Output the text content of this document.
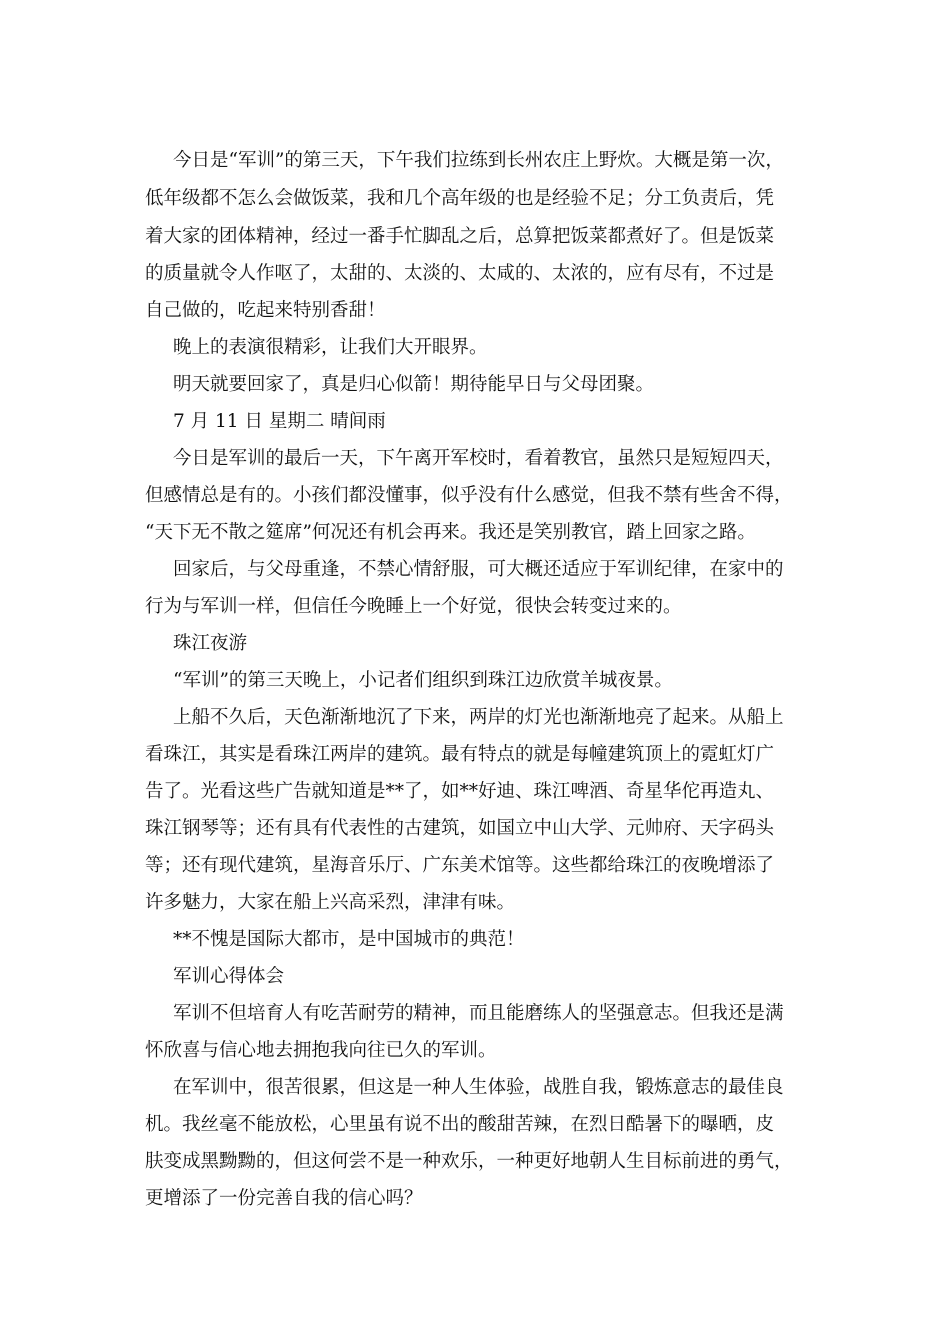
今日是“军训”的第三天，下午我们拉练到长州农庄上野炊。大概是第一次，

低年级都不怎么会做饭菜，我和几个高年级的也是经验不足；分工负责后，凭

着大家的团体精神，经过一番手忙脚乱之后，总算把饭菜都煮好了。但是饭菜

的质量就令人作呕了，太甜的、太淡的、太咸的、太浓的，应有尽有，不过是

自己做的，吃起来特别香甜！

晚上的表演很精彩，让我们大开眼界。

明天就要回家了，真是归心似箭！期待能早日与父母团聚。

7 月 11 日 星期二 晴间雨

今日是军训的最后一天，下午离开军校时，看着教官，虽然只是短短四天，

但感情总是有的。小孩们都没懂事，似乎没有什么感觉，但我不禁有些舍不得，

“天下无不散之筵席”何况还有机会再来。我还是笑别教官，踏上回家之路。

回家后，与父母重逢，不禁心情舒服，可大概还适应于军训纪律，在家中的

行为与军训一样，但信任今晚睡上一个好觉，很快会转变过来的。

珠江夜游

“军训”的第三天晚上，小记者们组织到珠江边欣赏羊城夜景。

上船不久后，天色渐渐地沉了下来，两岸的灯光也渐渐地亮了起来。从船上

看珠江，其实是看珠江两岸的建筑。最有特点的就是每幢建筑顶上的霓虹灯广

告了。光看这些广告就知道是**了，如**好迪、珠江啤酒、奇星华佗再造丸、

珠江钢琴等；还有具有代表性的古建筑，如国立中山大学、元帅府、天字码头

等；还有现代建筑，星海音乐厅、广东美术馆等。这些都给珠江的夜晚增添了

许多魅力，大家在船上兴高采烈，津津有味。

**不愧是国际大都市，是中国城市的典范！

军训心得体会

军训不但培育人有吃苦耐劳的精神，而且能磨练人的坚强意志。但我还是满

怀欣喜与信心地去拥抱我向往已久的军训。

在军训中，很苦很累，但这是一种人生体验，战胜自我，锻炼意志的最佳良

机。我丝毫不能放松，心里虽有说不出的酸甜苦辣，在烈日酷暑下的曝晒，皮

肤变成黑黝黝的，但这何尝不是一种欢乐，一种更好地朝人生目标前进的勇气，

更增添了一份完善自我的信心吗？
